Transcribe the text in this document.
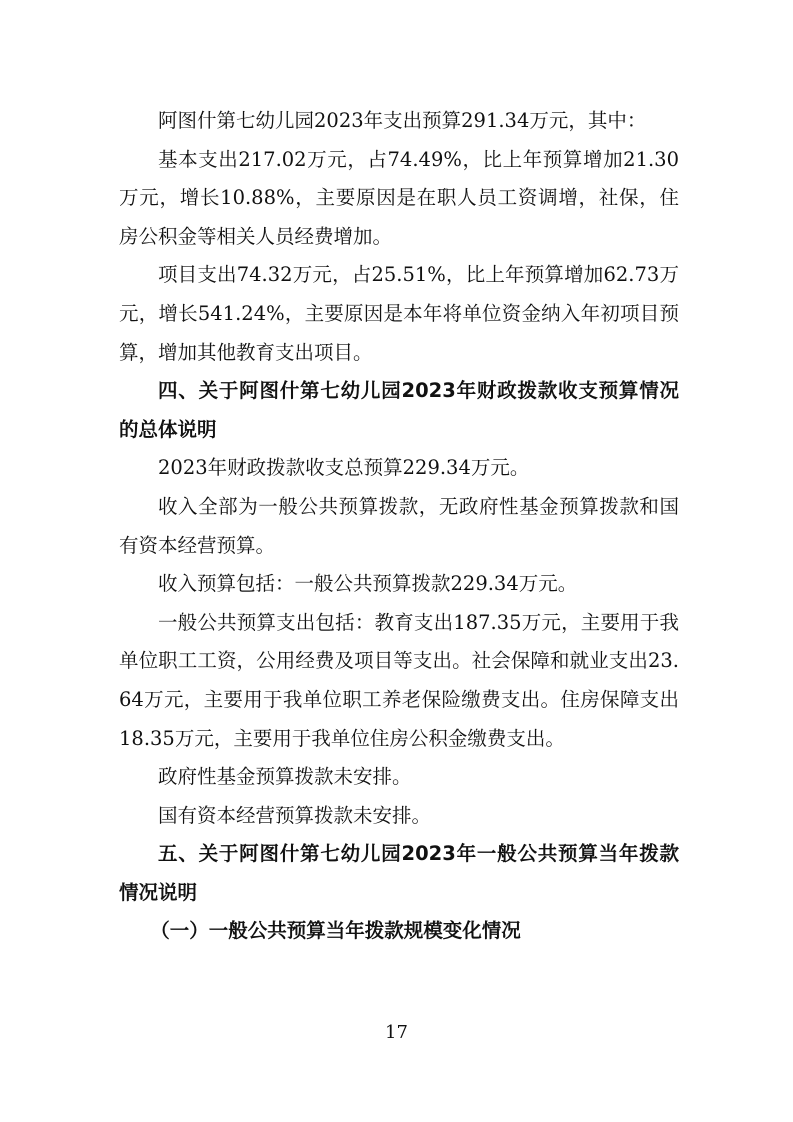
阿图什第七幼儿园2023年支出预算291.34万元，其中：

基本支出217.02万元，占74.49%，比上年预算增加21.30万元，增长10.88%，主要原因是在职人员工资调增，社保，住房公积金等相关人员经费增加。

项目支出74.32万元，占25.51%，比上年预算增加62.73万元，增长541.24%，主要原因是本年将单位资金纳入年初项目预算，增加其他教育支出项目。

四、关于阿图什第七幼儿园2023年财政拨款收支预算情况的总体说明

2023年财政拨款收支总预算229.34万元。

收入全部为一般公共预算拨款，无政府性基金预算拨款和国有资本经营预算。

收入预算包括：一般公共预算拨款229.34万元。

一般公共预算支出包括：教育支出187.35万元，主要用于我单位职工工资，公用经费及项目等支出。社会保障和就业支出23.64万元，主要用于我单位职工养老保险缴费支出。住房保障支出18.35万元，主要用于我单位住房公积金缴费支出。

政府性基金预算拨款未安排。

国有资本经营预算拨款未安排。

五、关于阿图什第七幼儿园2023年一般公共预算当年拨款情况说明
（一）一般公共预算当年拨款规模变化情况
17
